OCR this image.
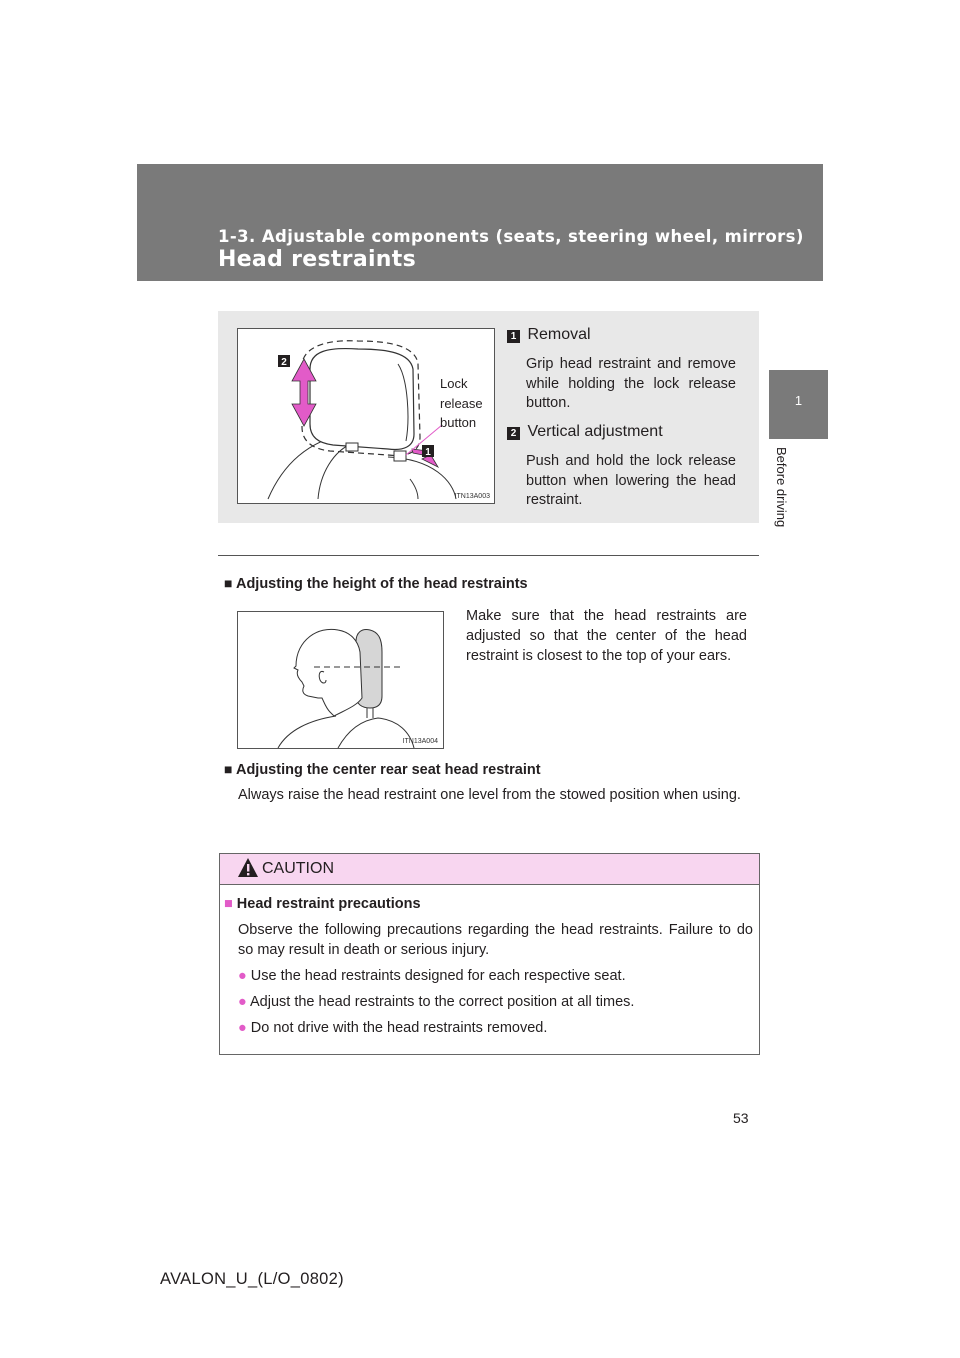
1-3. Adjustable components (seats, steering wheel, mirrors)
Head restraints
1
Before driving
2
1
ITN13A003
Lock
release
button
1 Removal
Grip head restraint and remove while holding the lock release button.
2 Vertical adjustment
Push and hold the lock release button when lowering the head restraint.
■ Adjusting the height of the head restraints
ITN13A004
Make sure that the head restraints are adjusted so that the center of the head restraint is closest to the top of your ears.
■ Adjusting the center rear seat head restraint
Always raise the head restraint one level from the stowed position when using.
CAUTION
■ Head restraint precautions
Observe the following precautions regarding the head restraints. Failure to do so may result in death or serious injury.
● Use the head restraints designed for each respective seat.
● Adjust the head restraints to the correct position at all times.
● Do not drive with the head restraints removed.
53
AVALON_U_(L/O_0802)
